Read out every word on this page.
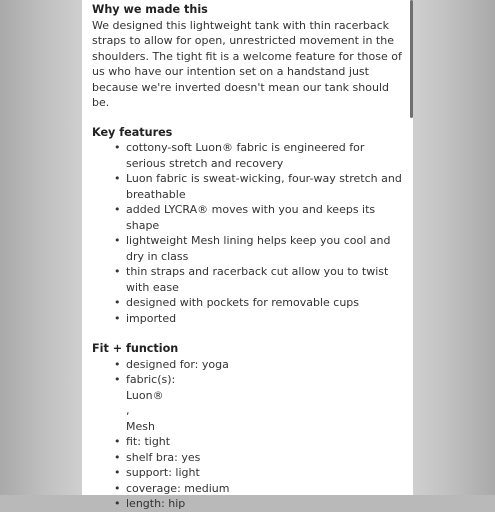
Why we made this

We designed this lightweight tank with thin racerback straps to allow for open, unrestricted movement in the shoulders. The tight fit is a welcome feature for those of us who have our intention set on a handstand just because we're inverted doesn't mean our tank should be.

Key features
• cottony-soft Luon® fabric is engineered for serious stretch and recovery
• Luon fabric is sweat-wicking, four-way stretch and breathable
• added LYCRA® moves with you and keeps its shape
• lightweight Mesh lining helps keep you cool and dry in class
• thin straps and racerback cut allow you to twist with ease
• designed with pockets for removable cups
• imported
Fit + function
• designed for: yoga
• fabric(s):
Luon®
,
Mesh
• fit: tight
• shelf bra: yes
• support: light
• coverage: medium
• length: hip
